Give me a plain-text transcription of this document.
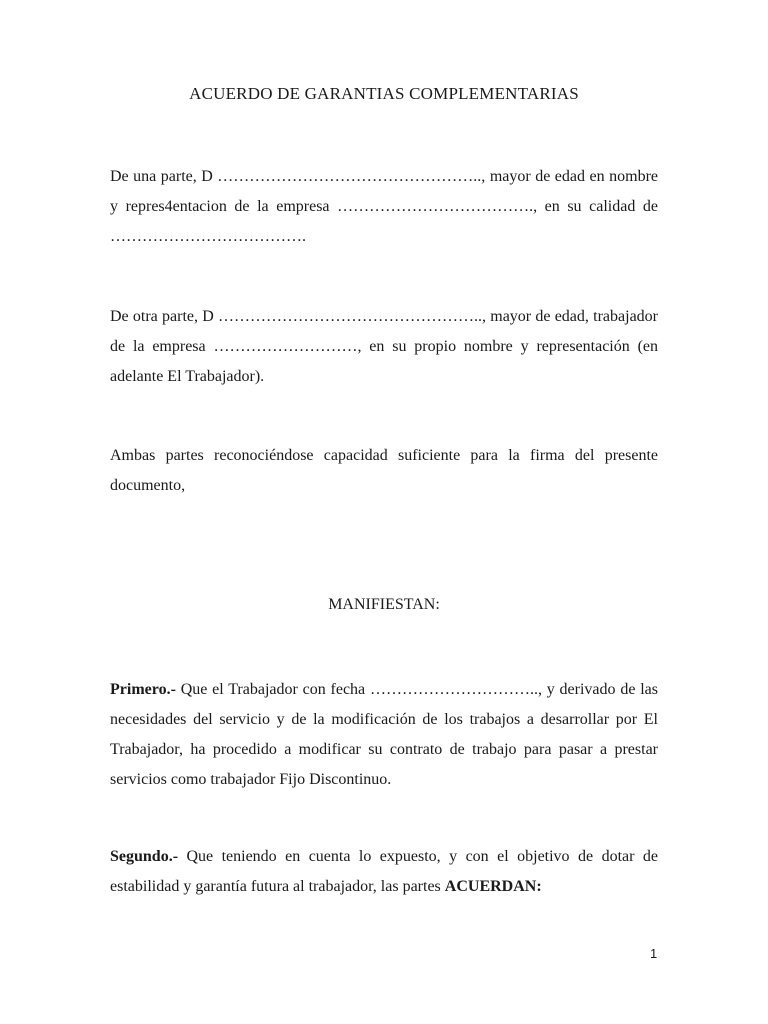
ACUERDO DE GARANTIAS COMPLEMENTARIAS
De una parte, D ………………………………………….., mayor de edad en nombre y repres4entacion de la empresa ………………………………., en su calidad de ……………………………….
De otra parte, D ………………………………………….., mayor de edad, trabajador de la empresa ………………………, en su propio nombre y representación (en adelante El Trabajador).
Ambas partes reconociéndose capacidad suficiente para la firma del presente documento,
MANIFIESTAN:
Primero.- Que el Trabajador con fecha ………………………….., y derivado de las necesidades del servicio y de la modificación de los trabajos a desarrollar por El Trabajador, ha procedido a modificar su contrato de trabajo para pasar a prestar servicios como trabajador Fijo Discontinuo.
Segundo.- Que teniendo en cuenta lo expuesto, y con el objetivo de dotar de estabilidad y garantía futura al trabajador, las partes ACUERDAN:
1
